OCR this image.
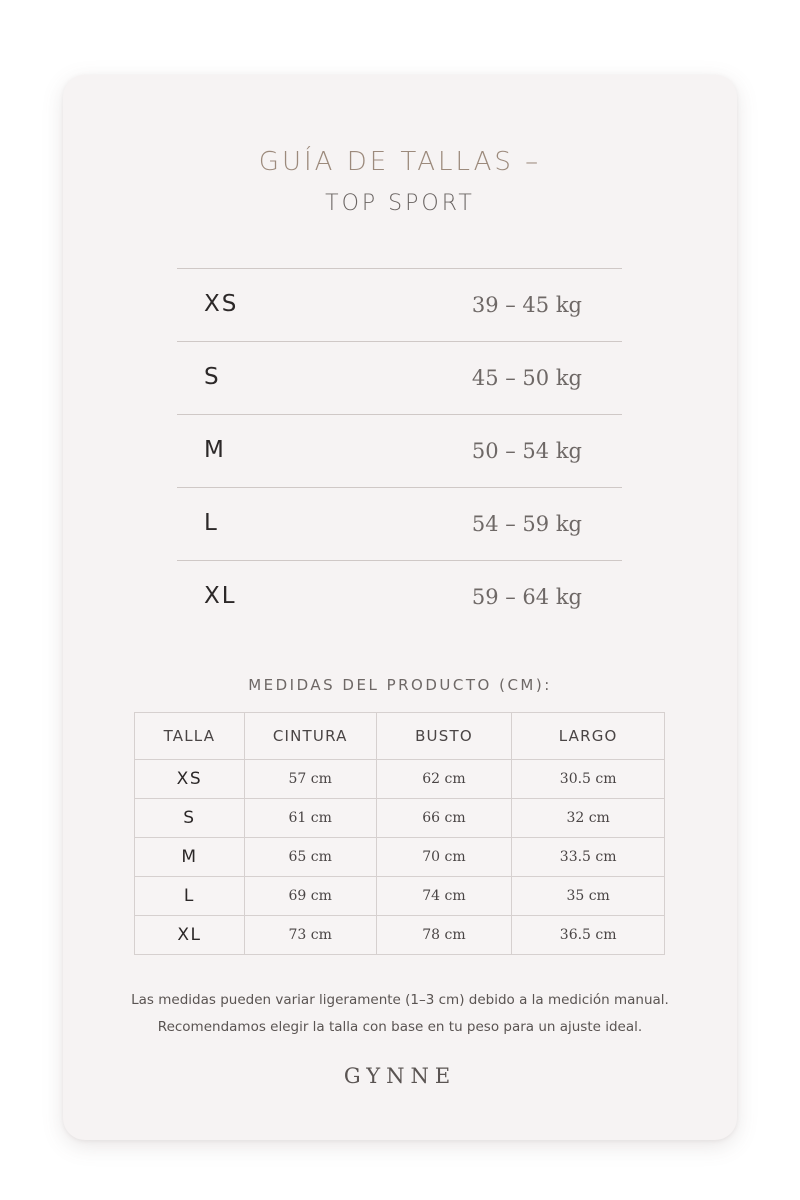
GUÍA DE TALLAS –
TOP SPORT
XS	39 – 45 kg
S	45 – 50 kg
M	50 – 54 kg
L	54 – 59 kg
XL	59 – 64 kg
MEDIDAS DEL PRODUCTO (CM):
TALLA	CINTURA	BUSTO	LARGO
XS	57 cm	62 cm	30.5 cm
S	61 cm	66 cm	32 cm
M	65 cm	70 cm	33.5 cm
L	69 cm	74 cm	35 cm
XL	73 cm	78 cm	36.5 cm
Las medidas pueden variar ligeramente (1–3 cm) debido a la medición manual.
Recomendamos elegir la talla con base en tu peso para un ajuste ideal.
GYNNE
